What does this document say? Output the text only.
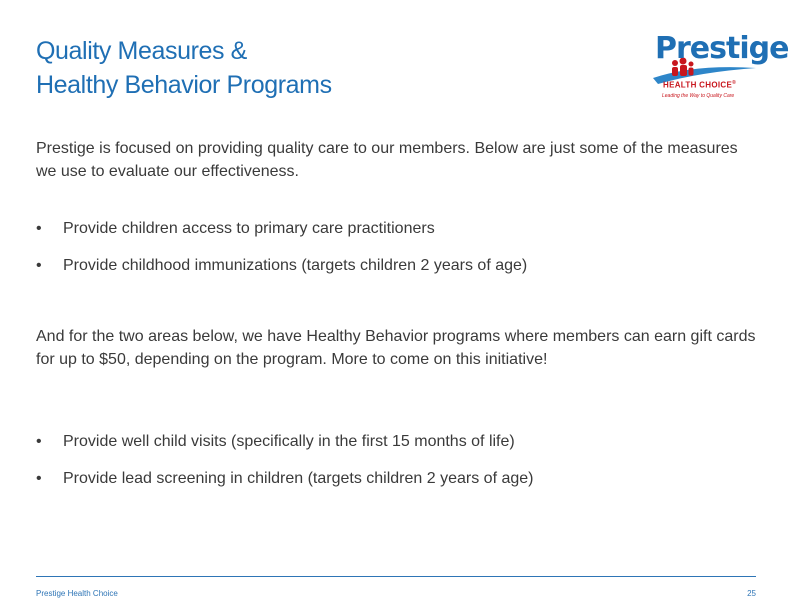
Quality Measures &
Healthy Behavior Programs
Prestige
HEALTH CHOICE®
Leading the Way to Quality Care

Prestige is focused on providing quality care to our members. Below are just some of the measures we use to evaluate our effectiveness.

• Provide children access to primary care practitioners
• Provide childhood immunizations (targets children 2 years of age)

And for the two areas below, we have Healthy Behavior programs where members can earn gift cards for up to $50, depending on the program. More to come on this initiative!

• Provide well child visits (specifically in the first 15 months of life)
• Provide lead screening in children (targets children 2 years of age)
Prestige Health Choice	25
